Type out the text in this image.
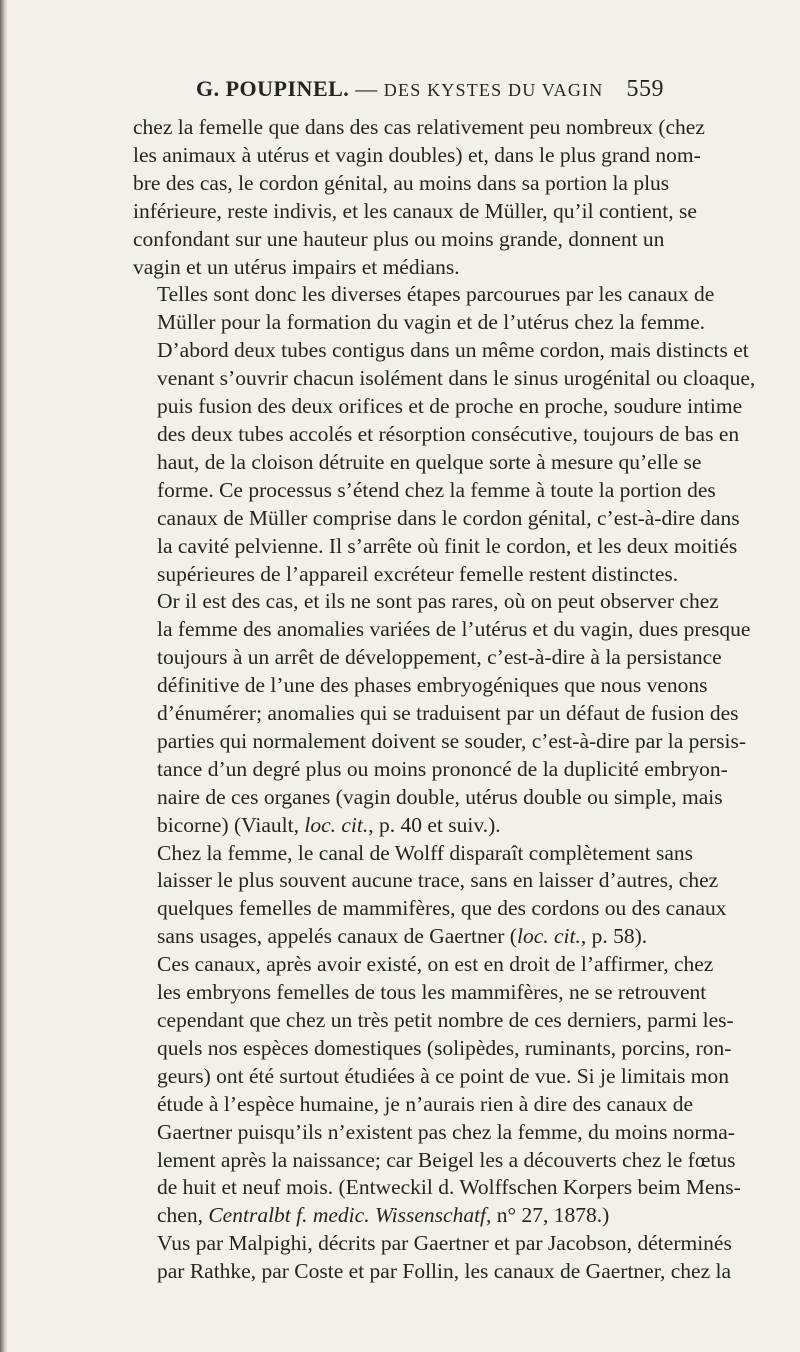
G. POUPINEL. — DES KYSTES DU VAGIN 559

chez la femelle que dans des cas relativement peu nombreux (chez
les animaux à utérus et vagin doubles) et, dans le plus grand nom-
bre des cas, le cordon génital, au moins dans sa portion la plus
inférieure, reste indivis, et les canaux de Müller, qu’il contient, se
confondant sur une hauteur plus ou moins grande, donnent un
vagin et un utérus impairs et médians.

Telles sont donc les diverses étapes parcourues par les canaux de
Müller pour la formation du vagin et de l’utérus chez la femme.
D’abord deux tubes contigus dans un même cordon, mais distincts et
venant s’ouvrir chacun isolément dans le sinus urogénital ou cloaque,
puis fusion des deux orifices et de proche en proche, soudure intime
des deux tubes accolés et résorption consécutive, toujours de bas en
haut, de la cloison détruite en quelque sorte à mesure qu’elle se
forme. Ce processus s’étend chez la femme à toute la portion des
canaux de Müller comprise dans le cordon génital, c’est-à-dire dans
la cavité pelvienne. Il s’arrête où finit le cordon, et les deux moitiés
supérieures de l’appareil excréteur femelle restent distinctes.

Or il est des cas, et ils ne sont pas rares, où on peut observer chez
la femme des anomalies variées de l’utérus et du vagin, dues presque
toujours à un arrêt de développement, c’est-à-dire à la persistance
définitive de l’une des phases embryogéniques que nous venons
d’énumérer; anomalies qui se traduisent par un défaut de fusion des
parties qui normalement doivent se souder, c’est-à-dire par la persis-
tance d’un degré plus ou moins prononcé de la duplicité embryon-
naire de ces organes (vagin double, utérus double ou simple, mais
bicorne) (Viault, loc. cit., p. 40 et suiv.).

Chez la femme, le canal de Wolff disparaît complètement sans
laisser le plus souvent aucune trace, sans en laisser d’autres, chez
quelques femelles de mammifères, que des cordons ou des canaux
sans usages, appelés canaux de Gaertner (loc. cit., p. 58).

Ces canaux, après avoir existé, on est en droit de l’affirmer, chez
les embryons femelles de tous les mammifères, ne se retrouvent
cependant que chez un très petit nombre de ces derniers, parmi les-
quels nos espèces domestiques (solipèdes, ruminants, porcins, ron-
geurs) ont été surtout étudiées à ce point de vue. Si je limitais mon
étude à l’espèce humaine, je n’aurais rien à dire des canaux de
Gaertner puisqu’ils n’existent pas chez la femme, du moins norma-
lement après la naissance; car Beigel les a découverts chez le fœtus
de huit et neuf mois. (Entweckil d. Wolffschen Korpers beim Mens-
chen, Centralbt f. medic. Wissenschatf, n° 27, 1878.)

Vus par Malpighi, décrits par Gaertner et par Jacobson, déterminés
par Rathke, par Coste et par Follin, les canaux de Gaertner, chez la
